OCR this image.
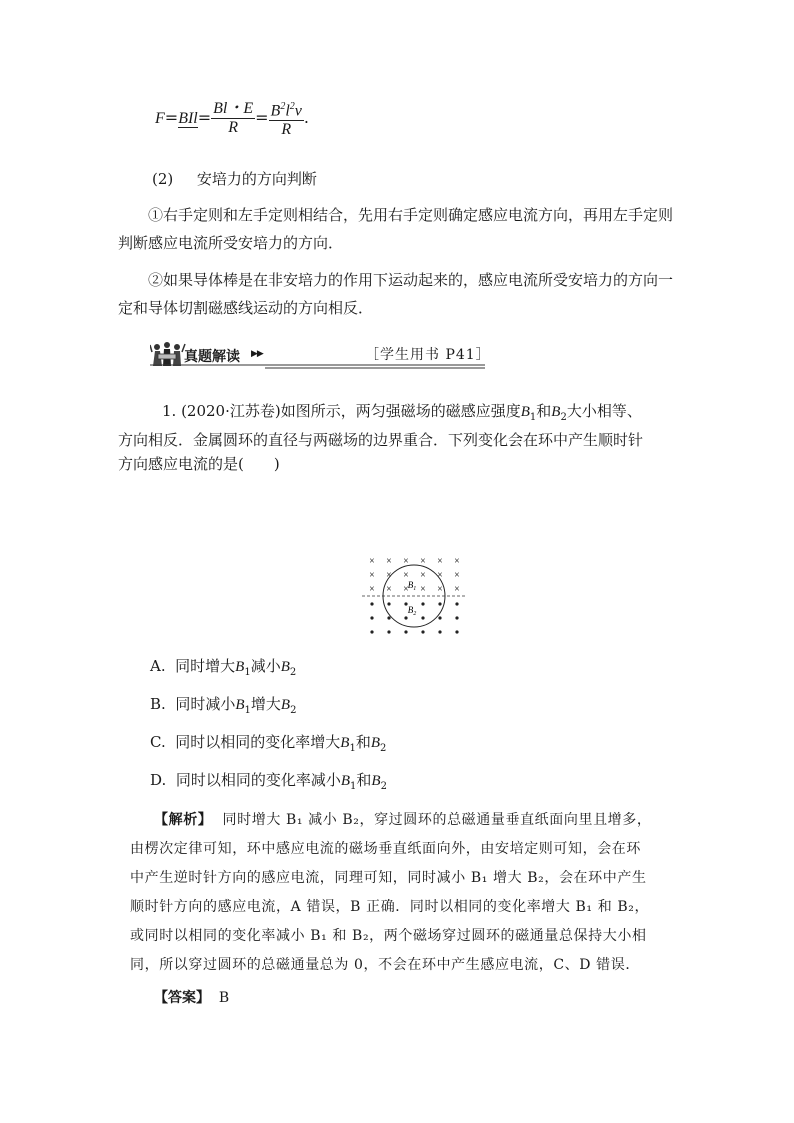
$F=BIl= \frac{Bl・E}{R} = \frac{B^2l^2v}{R}$ .
(2) 安培力的方向判断
①右手定则和左手定则相结合，先用右手定则确定感应电流方向，再用左手定则判断感应电流所受安培力的方向．
②如果导体棒是在非安培力的作用下运动起来的，感应电流所受安培力的方向一定和导体切割磁感线运动的方向相反．
真题解读 ▶▶	［学生用书 P41］
1. (2020·江苏卷)如图所示，两匀强磁场的磁感应强度$B_1$和$B_2$大小相等、
方向相反．金属圆环的直径与两磁场的边界重合．下列变化会在环中产生顺时针
方向感应电流的是(　　)
× × × × × ×
× × × × × ×
× × × × × ×
$B_1$
$B_2$
A. 同时增大$B_1$减小$B_2$
B. 同时减小$B_1$增大$B_2$
C. 同时以相同的变化率增大$B_1$和$B_2$
D. 同时以相同的变化率减小$B_1$和$B_2$
【解析】 同时增大 B₁ 减小 B₂，穿过圆环的总磁通量垂直纸面向里且增多，
由楞次定律可知，环中感应电流的磁场垂直纸面向外，由安培定则可知，会在环
中产生逆时针方向的感应电流，同理可知，同时减小 B₁ 增大 B₂，会在环中产生
顺时针方向的感应电流，A 错误，B 正确．同时以相同的变化率增大 B₁ 和 B₂，
或同时以相同的变化率减小 B₁ 和 B₂，两个磁场穿过圆环的磁通量总保持大小相
同，所以穿过圆环的总磁通量总为 0，不会在环中产生感应电流，C、D 错误．
【答案】 B
